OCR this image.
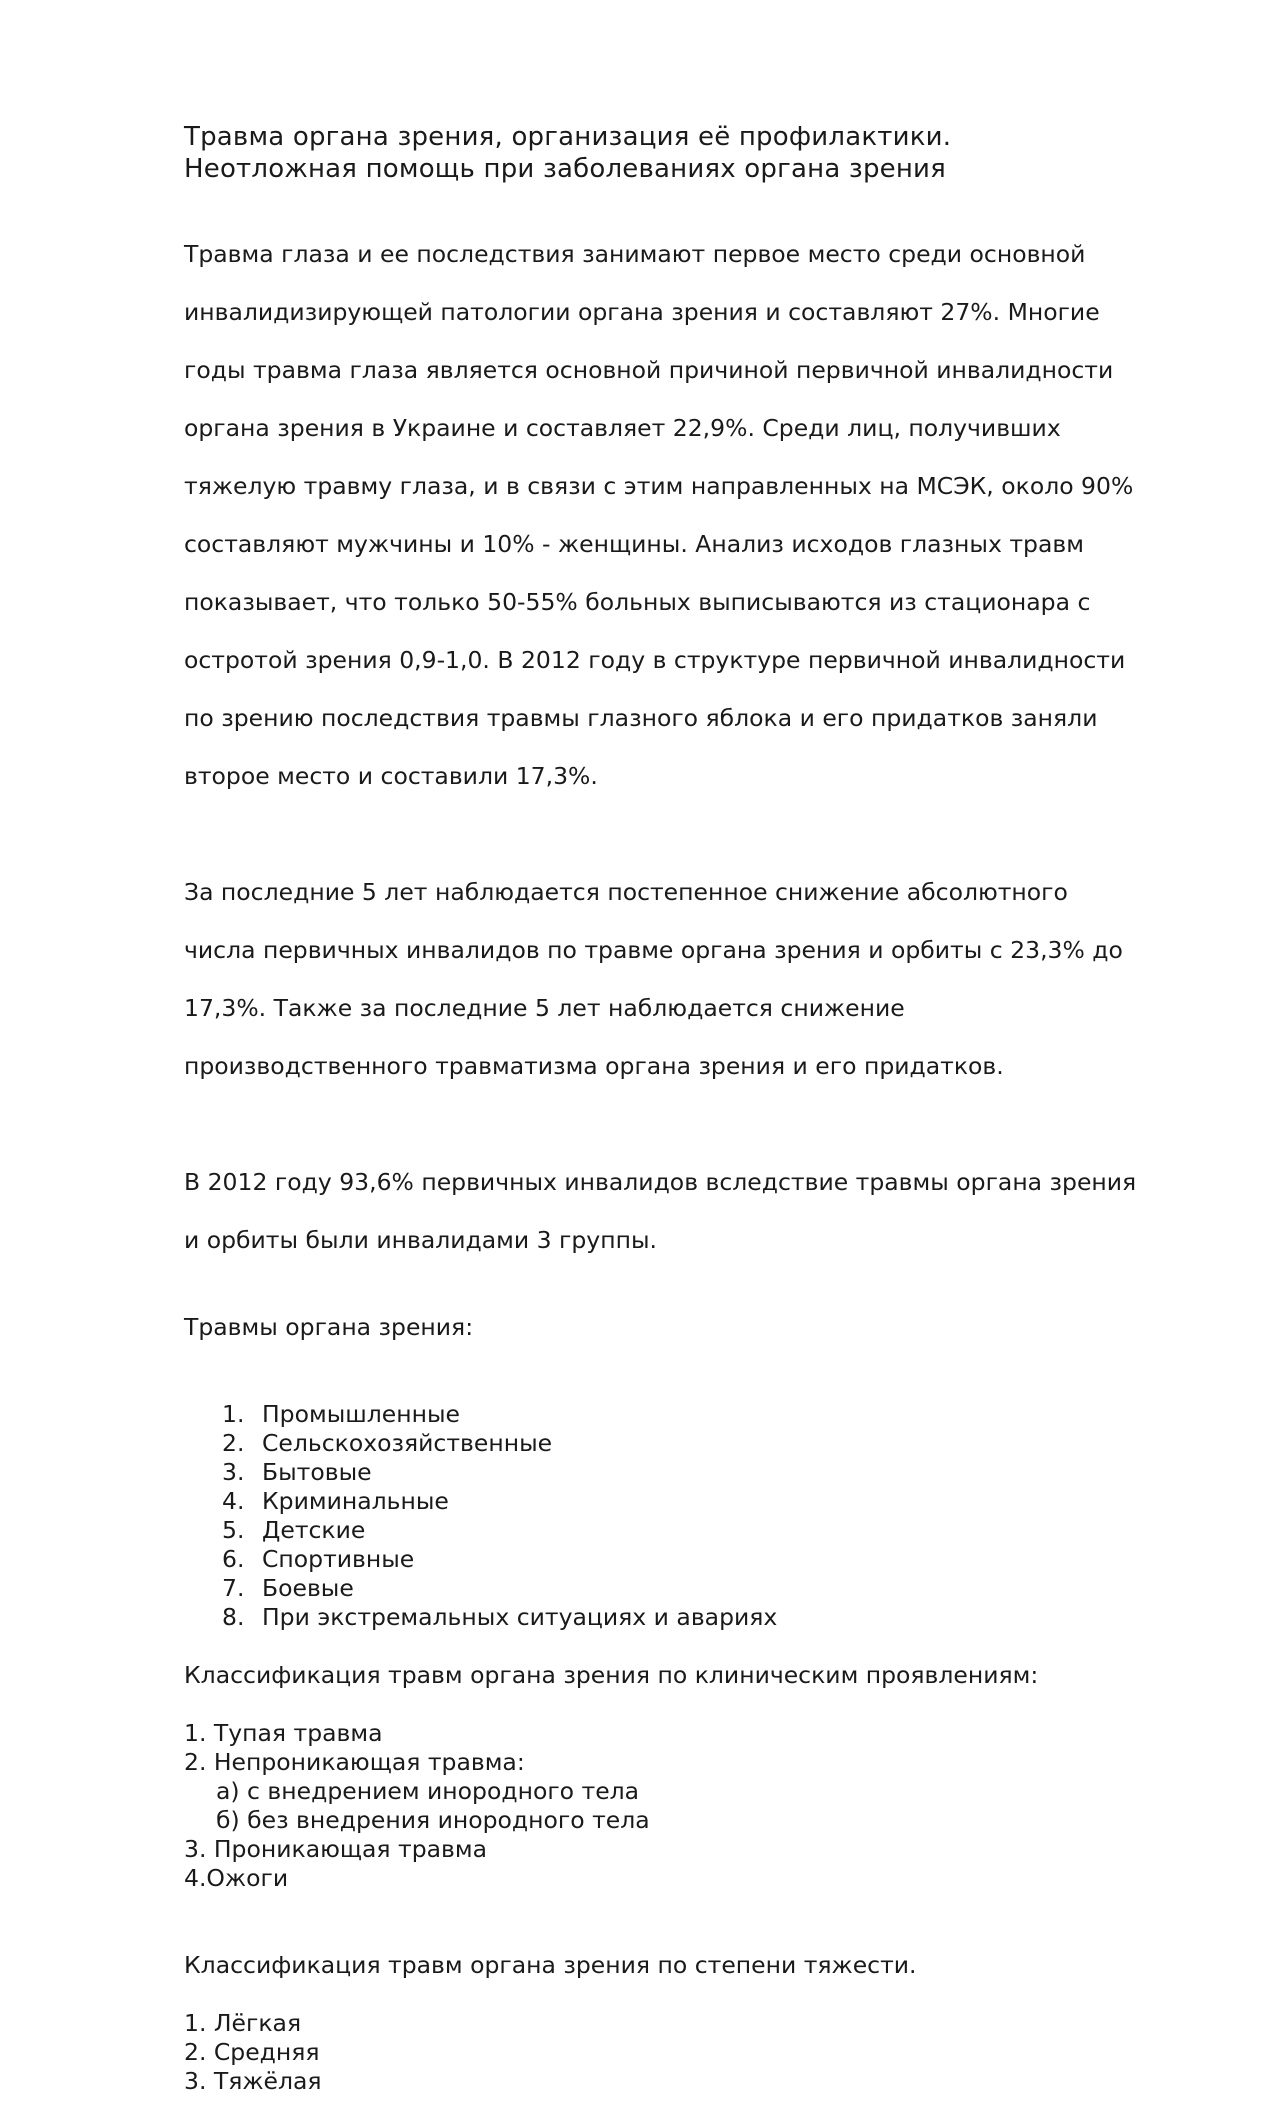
Травма органа зрения, организация её профилактики.
Неотложная помощь при заболеваниях органа зрения

Травма глаза и ее последствия занимают первое место среди основной

инвалидизирующей патологии органа зрения и составляют 27%. Многие

годы травма глаза является основной причиной первичной инвалидности

органа зрения в Украине и составляет 22,9%. Среди лиц, получивших

тяжелую травму глаза, и в связи с этим направленных на МСЭК, около 90%

составляют мужчины и 10% - женщины. Анализ исходов глазных травм

показывает, что только 50-55% больных выписываются из стационара с

остротой зрения 0,9-1,0. В 2012 году в структуре первичной инвалидности

по зрению последствия травмы глазного яблока и его придатков заняли

второе место и составили 17,3%.

За последние 5 лет наблюдается постепенное снижение абсолютного

числа первичных инвалидов по травме органа зрения и орбиты с 23,3% до

17,3%. Также за последние 5 лет наблюдается снижение

производственного травматизма органа зрения и его придатков.

В 2012 году 93,6% первичных инвалидов вследствие травмы органа зрения

и орбиты были инвалидами 3 группы.

Травмы органа зрения:

1. Промышленные
2. Сельскохозяйственные
3. Бытовые
4. Криминальные
5. Детские
6. Спортивные
7. Боевые
8. При экстремальных ситуациях и авариях

Классификация травм органа зрения по клиническим проявлениям:

1. Тупая травма
2. Непроникающая травма:
а) с внедрением инородного тела
б) без внедрения инородного тела
3. Проникающая травма
4.Ожоги

Классификация травм органа зрения по степени тяжести.

1. Лёгкая
2. Средняя
3. Тяжёлая
